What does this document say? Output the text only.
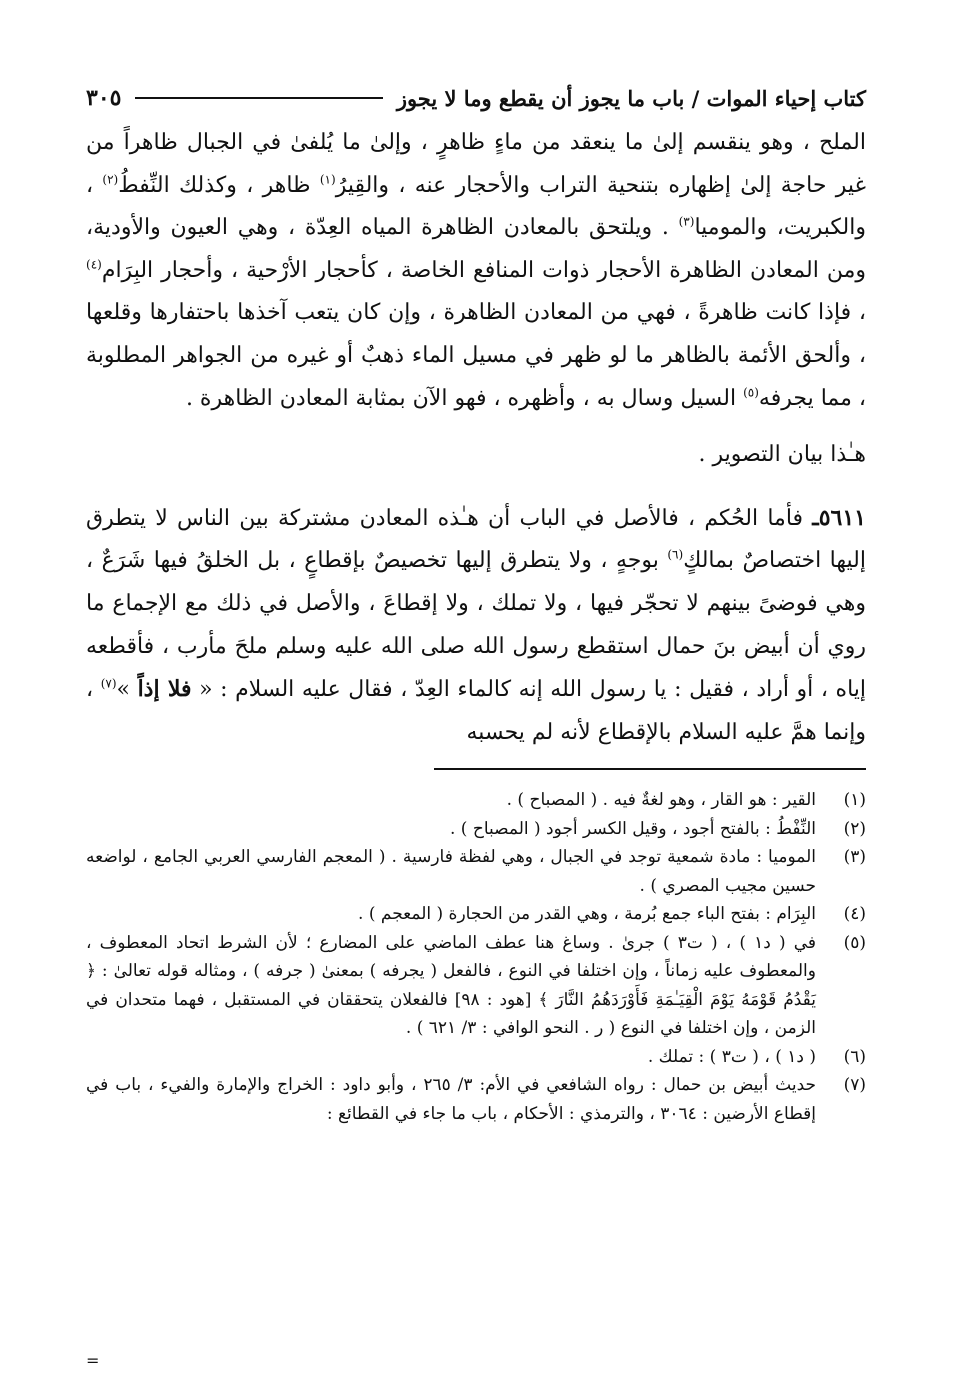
كتاب إحياء الموات / باب ما يجوز أن يقطع وما لا يجوز
٣٠٥

الملح ، وهو ينقسم إلىٰ ما ينعقد من ماءٍ ظاهرٍ ، وإلىٰ ما يُلفىٰ في الجبال ظاهراً من غير حاجة إلىٰ إظهاره بتنحية التراب والأحجار عنه ، والقِيرُ$^{(١)}$ ظاهر ، وكذلك النِّفطُ$^{(٢)}$ ، والكبريت، والموميا$^{(٣)}$ . ويلتحق بالمعادن الظاهرة المياه العِدّة ، وهي العيون والأودية، ومن المعادن الظاهرة الأحجار ذوات المنافع الخاصة ، كأحجار الأرْحية ، وأحجار البِرَام$^{(٤)}$ ، فإذا كانت ظاهرةً ، فهي من المعادن الظاهرة ، وإن كان يتعب آخذها باحتفارها وقلعها ، وألحق الأئمة بالظاهر ما لو ظهر في مسيل الماء ذهبٌ أو غيره من الجواهر المطلوبة ، مما يجرفه$^{(٥)}$ السيل وسال به ، وأظهره ، فهو الآن بمثابة المعادن الظاهرة .

هـٰذا بيان التصوير .

٥٦١١ـ فأما الحُكم ، فالأصل في الباب أن هـٰذه المعادن مشتركة بين الناس لا يتطرق إليها اختصاصٌ بمالكٍ$^{(٦)}$ بوجهٍ ، ولا يتطرق إليها تخصيصٌ بإقطاعٍ ، بل الخلقُ فيها شَرَعٌ ، وهي فوضىً بينهم لا تحجّر فيها ، ولا تملك ، ولا إقطاعَ ، والأصل في ذلك مع الإجماع ما روي أن أبيض بنَ حمال استقطع رسول الله صلى الله عليه وسلم ملحَ مأرب ، فأقطعه إياه ، أو أراد ، فقيل : يا رسول الله إنه كالماء العِدّ ، فقال عليه السلام : « فلا إذاً »$^{(٧)}$ ، وإنما همَّ عليه السلام بالإقطاع لأنه لم يحسبه

(١)
القير : هو القار ، وهو لغةٌ فيه . ( المصباح ) .
(٢)
النِّفْطُ : بالفتح أجود ، وقيل الكسر أجود ( المصباح ) .
(٣)
الموميا : مادة شمعية توجد في الجبال ، وهي لفظة فارسية . ( المعجم الفارسي العربي الجامع ، لواضعه حسين مجيب المصري ) .
(٤)
البِرَام : بفتح الباء جمع بُرمة ، وهي القدر من الحجارة ( المعجم ) .
(٥)
في ( د١ ) ، ( ت٣ ) جرىٰ . وساغ هنا عطف الماضي على المضارع ؛ لأن الشرط اتحاد المعطوف ، والمعطوف عليه زماناً ، وإن اختلفا في النوع ، فالفعل ( يجرفه ) بمعنىٰ ( جرفه ) ، ومثاله قوله تعالىٰ : ﴿ يَقْدُمُ قَوْمَهُ يَوْمَ الْقِيَـٰمَةِ فَأَوْرَدَهُمُ النَّارَ ﴾ [هود : ٩٨] فالفعلان يتحققان في المستقبل ، فهما متحدان في الزمن ، وإن اختلفا في النوع ( ر . النحو الوافي : ٣/ ٦٢١ ) .
(٦)
( د١ ) ، ( ت٣ ) : تملك .
(٧)
حديث أبيض بن حمال : رواه الشافعي في الأم: ٣/ ٢٦٥ ، وأبو داود : الخراج والإمارة والفيء ، باب في إقطاع الأرضين : ٣٠٦٤ ، والترمذي : الأحكام ، باب ما جاء في القطائع :
=
